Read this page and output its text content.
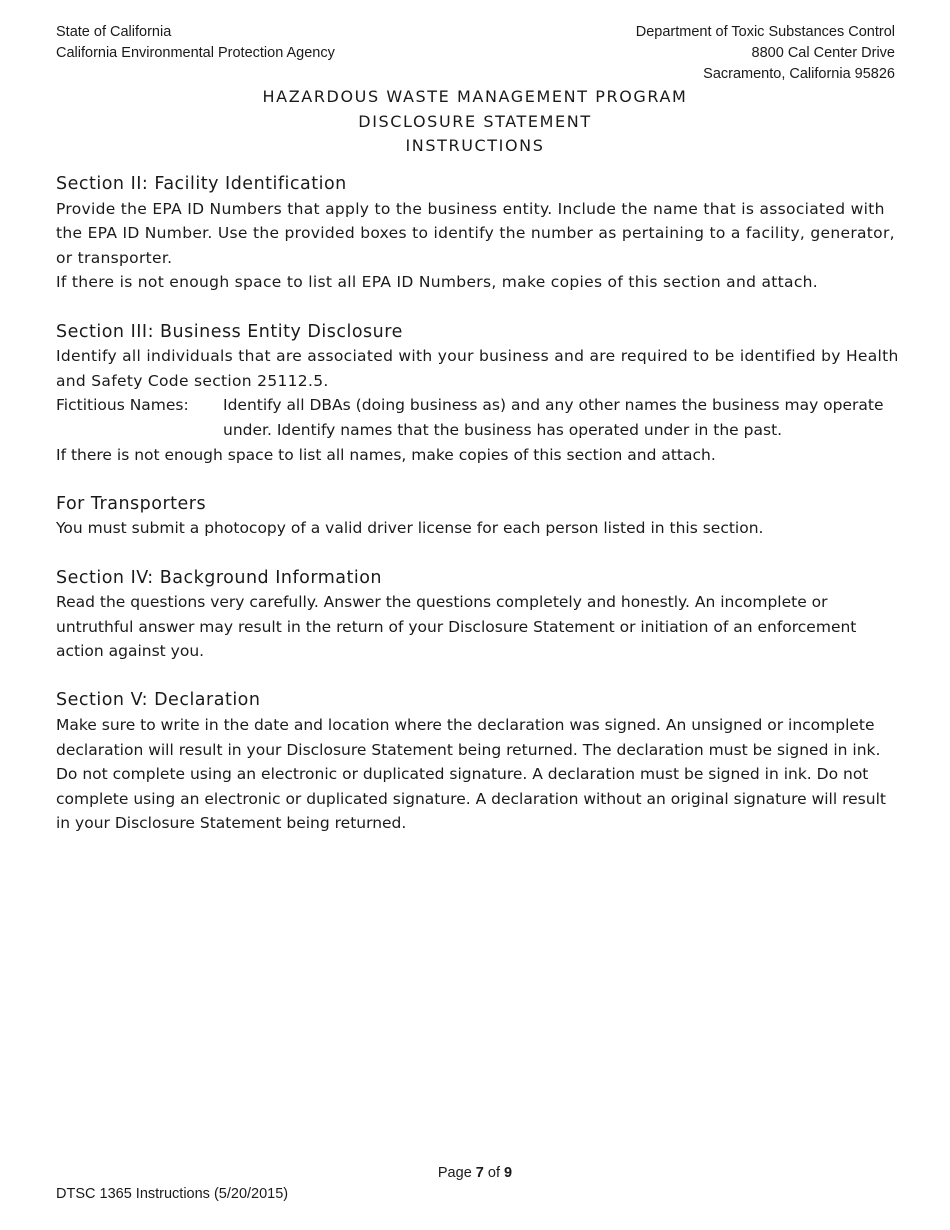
State of California
California Environmental Protection Agency
Department of Toxic Substances Control
8800 Cal Center Drive
Sacramento, California 95826
HAZARDOUS WASTE MANAGEMENT PROGRAM
DISCLOSURE STATEMENT
INSTRUCTIONS
Section II: Facility Identification

Provide the EPA ID Numbers that apply to the business entity. Include the name that is associated with the EPA ID Number. Use the provided boxes to identify the number as pertaining to a facility, generator, or transporter.

If there is not enough space to list all EPA ID Numbers, make copies of this section and attach.

Section III: Business Entity Disclosure

Identify all individuals that are associated with your business and are required to be identified by Health and Safety Code section 25112.5.

Fictitious Names:	Identify all DBAs (doing business as) and any other names the business may operate under. Identify names that the business has operated under in the past.

If there is not enough space to list all names, make copies of this section and attach.

For Transporters

You must submit a photocopy of a valid driver license for each person listed in this section.

Section IV: Background Information

Read the questions very carefully. Answer the questions completely and honestly. An incomplete or untruthful answer may result in the return of your Disclosure Statement or initiation of an enforcement action against you.

Section V: Declaration

Make sure to write in the date and location where the declaration was signed. An unsigned or incomplete declaration will result in your Disclosure Statement being returned. The declaration must be signed in ink. Do not complete using an electronic or duplicated signature. A declaration must be signed in ink. Do not complete using an electronic or duplicated signature. A declaration without an original signature will result in your Disclosure Statement being returned.

Page 7 of 9
DTSC 1365 Instructions (5/20/2015)
